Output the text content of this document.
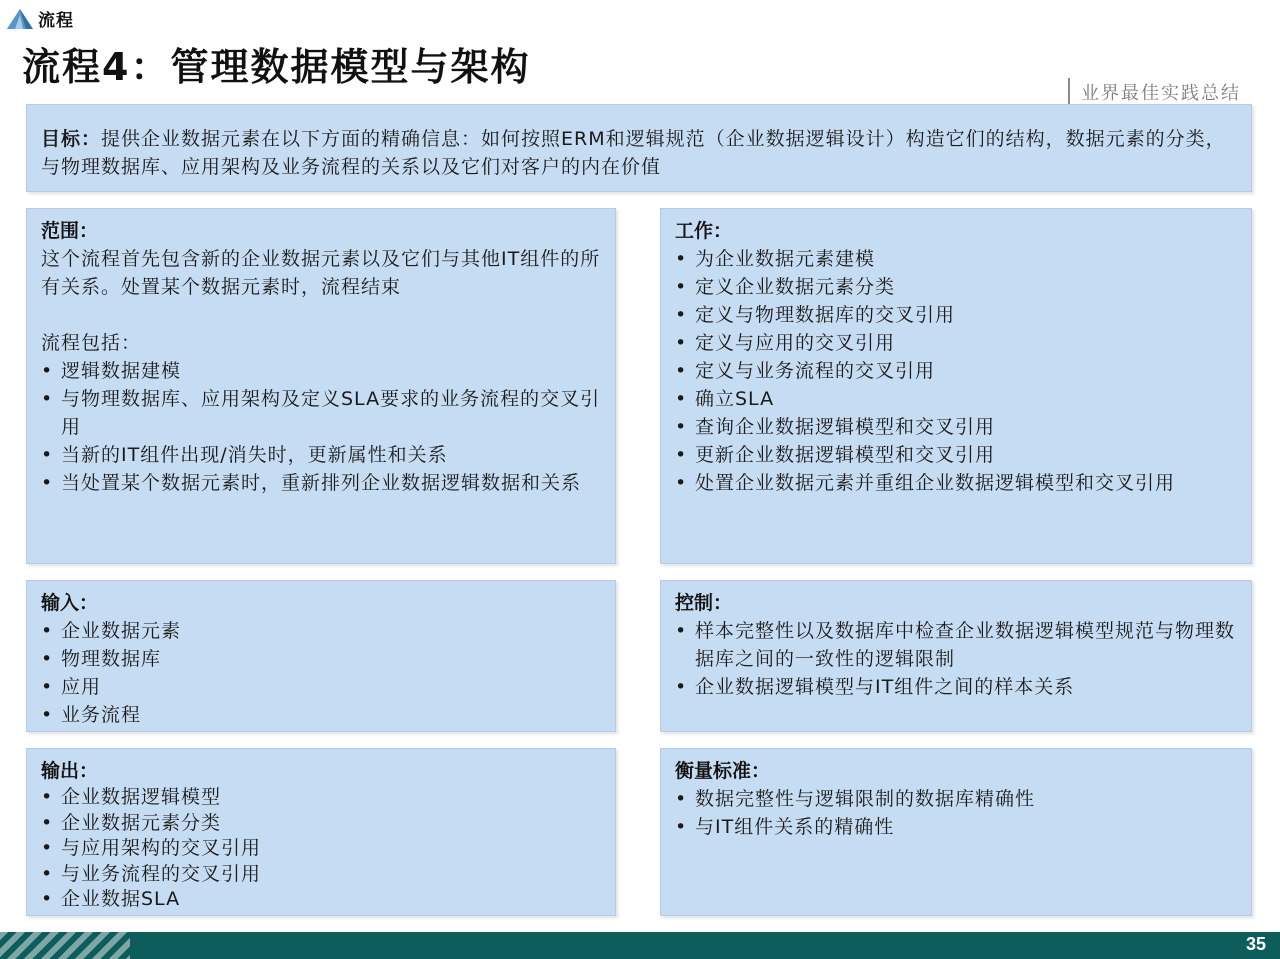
流程
流程4：管理数据模型与架构
业界最佳实践总结
目标：提供企业数据元素在以下方面的精确信息：如何按照ERM和逻辑规范（企业数据逻辑设计）构造它们的结构，数据元素的分类，与物理数据库、应用架构及业务流程的关系以及它们对客户的内在价值
范围：
这个流程首先包含新的企业数据元素以及它们与其他IT组件的所有关系。处置某个数据元素时，流程结束
流程包括：
• 逻辑数据建模
• 与物理数据库、应用架构及定义SLA要求的业务流程的交叉引用
• 当新的IT组件出现/消失时，更新属性和关系
• 当处置某个数据元素时，重新排列企业数据逻辑数据和关系
工作：
• 为企业数据元素建模
• 定义企业数据元素分类
• 定义与物理数据库的交叉引用
• 定义与应用的交叉引用
• 定义与业务流程的交叉引用
• 确立SLA
• 查询企业数据逻辑模型和交叉引用
• 更新企业数据逻辑模型和交叉引用
• 处置企业数据元素并重组企业数据逻辑模型和交叉引用
输入：
• 企业数据元素
• 物理数据库
• 应用
• 业务流程
控制：
• 样本完整性以及数据库中检查企业数据逻辑模型规范与物理数据库之间的一致性的逻辑限制
• 企业数据逻辑模型与IT组件之间的样本关系
输出：
• 企业数据逻辑模型
• 企业数据元素分类
• 与应用架构的交叉引用
• 与业务流程的交叉引用
• 企业数据SLA
衡量标准：
• 数据完整性与逻辑限制的数据库精确性
• 与IT组件关系的精确性
35
